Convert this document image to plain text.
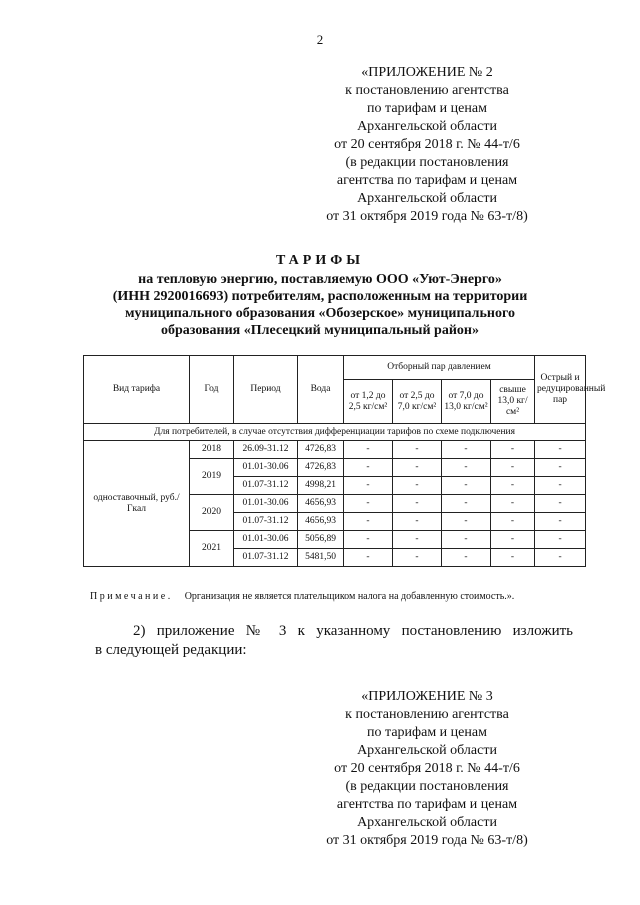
2
«ПРИЛОЖЕНИЕ № 2
к постановлению агентства
по тарифам и ценам
Архангельской области
от 20 сентября 2018 г. № 44-т/6
(в редакции постановления
агентства по тарифам и ценам
Архангельской области
от 31 октября 2019 года № 63-т/8)
ТАРИФЫ
на тепловую энергию, поставляемую ООО «Уют-Энерго»
(ИНН 2920016693) потребителям, расположенным на территории
муниципального образования «Обозерское» муниципального
образования «Плесецкий муниципальный район»
Вид тарифа	Год	Период	Вода	Отборный пар давлением				Острый и редуцированный пар
				от 1,2 до 2,5 кг/см²	от 2,5 до 7,0 кг/см²	от 7,0 до 13,0 кг/см²	свыше 13,0 кг/см²	
Для потребителей, в случае отсутствия дифференциации тарифов по схеме подключения								
одноставочный, руб./Гкал	2018	26.09-31.12	4726,83	-	-	-	-	-
	2019	01.01-30.06	4726,83	-	-	-	-	-
		01.07-31.12	4998,21	-	-	-	-	-
	2020	01.01-30.06	4656,93	-	-	-	-	-
		01.07-31.12	4656,93	-	-	-	-	-
	2021	01.01-30.06	5056,89	-	-	-	-	-
		01.07-31.12	5481,50	-	-	-	-	-
Примечание. Организация не является плательщиком налога на добавленную стоимость.».
2) приложение № 3 к указанному постановлению изложить
в следующей редакции:
«ПРИЛОЖЕНИЕ № 3
к постановлению агентства
по тарифам и ценам
Архангельской области
от 20 сентября 2018 г. № 44-т/6
(в редакции постановления
агентства по тарифам и ценам
Архангельской области
от 31 октября 2019 года № 63-т/8)
